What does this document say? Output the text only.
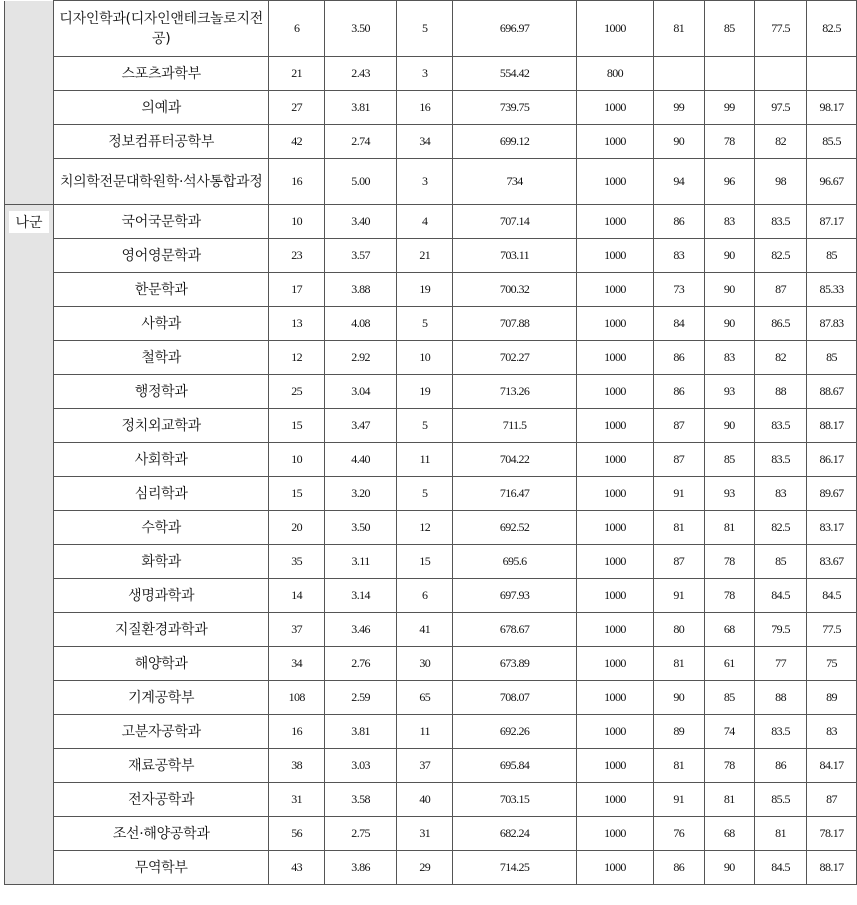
	디자인학과(디자인앤테크놀로지전공)	6	3.50	5	696.97	1000	81	85	77.5	82.5
	스포츠과학부	21	2.43	3	554.42	800				
	의예과	27	3.81	16	739.75	1000	99	99	97.5	98.17
	정보컴퓨터공학부	42	2.74	34	699.12	1000	90	78	82	85.5
	치의학전문대학원학·석사통합과정	16	5.00	3	734	1000	94	96	98	96.67
나군	국어국문학과	10	3.40	4	707.14	1000	86	83	83.5	87.17
	영어영문학과	23	3.57	21	703.11	1000	83	90	82.5	85
	한문학과	17	3.88	19	700.32	1000	73	90	87	85.33
	사학과	13	4.08	5	707.88	1000	84	90	86.5	87.83
	철학과	12	2.92	10	702.27	1000	86	83	82	85
	행정학과	25	3.04	19	713.26	1000	86	93	88	88.67
	정치외교학과	15	3.47	5	711.5	1000	87	90	83.5	88.17
	사회학과	10	4.40	11	704.22	1000	87	85	83.5	86.17
	심리학과	15	3.20	5	716.47	1000	91	93	83	89.67
	수학과	20	3.50	12	692.52	1000	81	81	82.5	83.17
	화학과	35	3.11	15	695.6	1000	87	78	85	83.67
	생명과학과	14	3.14	6	697.93	1000	91	78	84.5	84.5
	지질환경과학과	37	3.46	41	678.67	1000	80	68	79.5	77.5
	해양학과	34	2.76	30	673.89	1000	81	61	77	75
	기계공학부	108	2.59	65	708.07	1000	90	85	88	89
	고분자공학과	16	3.81	11	692.26	1000	89	74	83.5	83
	재료공학부	38	3.03	37	695.84	1000	81	78	86	84.17
	전자공학과	31	3.58	40	703.15	1000	91	81	85.5	87
	조선·해양공학과	56	2.75	31	682.24	1000	76	68	81	78.17
	무역학부	43	3.86	29	714.25	1000	86	90	84.5	88.17
